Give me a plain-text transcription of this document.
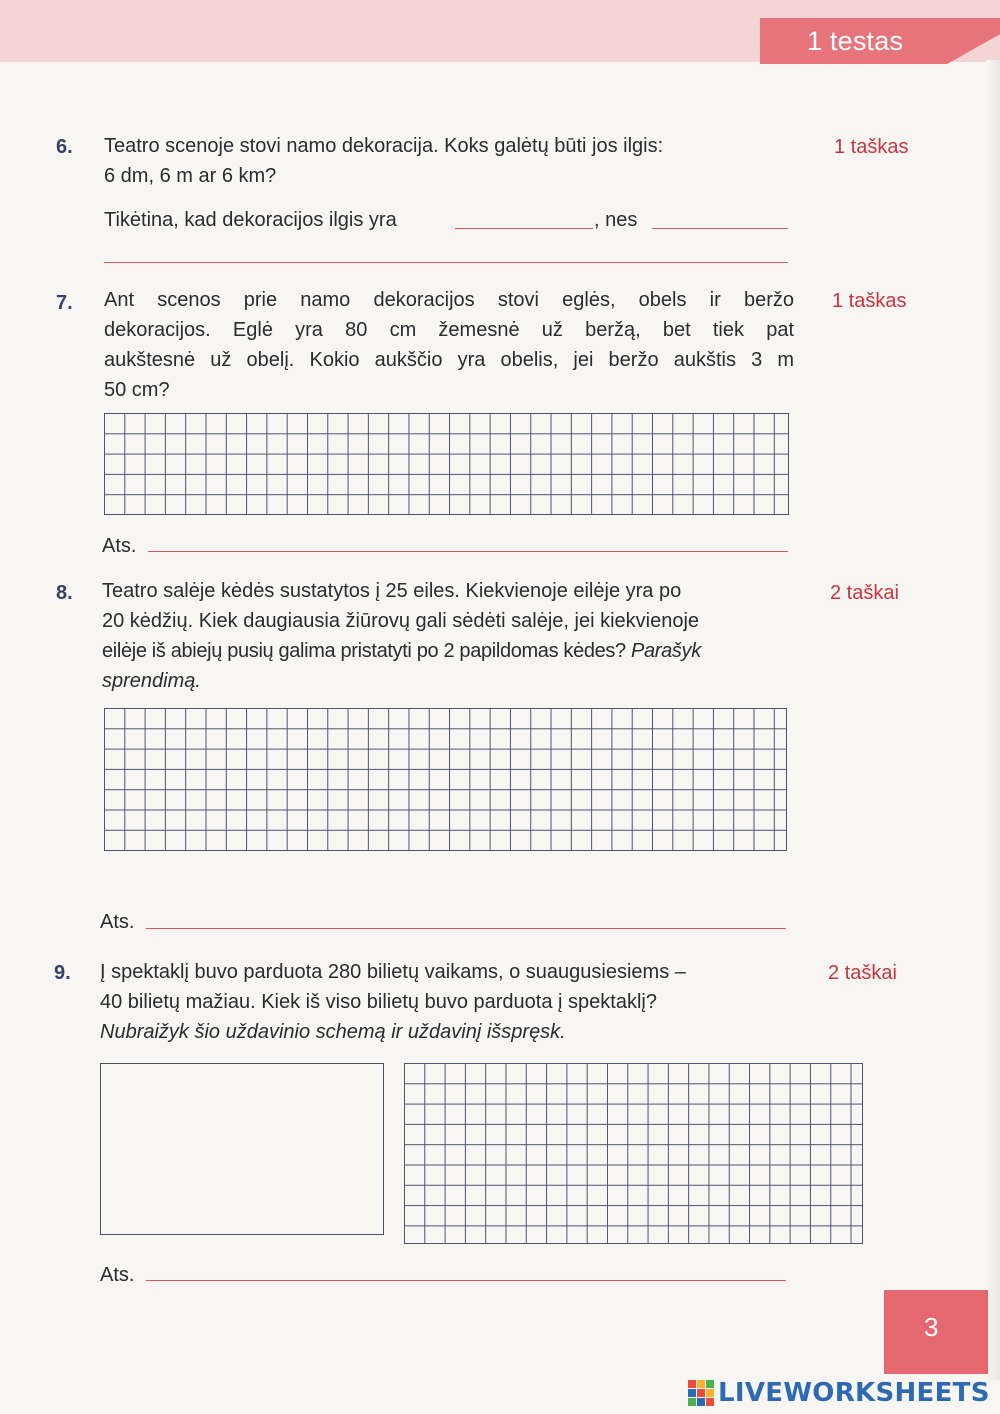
1 testas
6. Teatro scenoje stovi namo dekoracija. Koks galėtų būti jos ilgis:
6 dm, 6 m ar 6 km?
1 taškas
Tikėtina, kad dekoracijos ilgis yra	, nes
7. Ant scenos prie namo dekoracijos stovi eglės, obels ir beržo
dekoracijos. Eglė yra 80 cm žemesnė už beržą, bet tiek pat
aukštesnė už obelį. Kokio aukščio yra obelis, jei beržo aukštis 3 m
50 cm?
1 taškas
Ats.
8. Teatro salėje kėdės sustatytos į 25 eiles. Kiekvienoje eilėje yra po
20 kėdžių. Kiek daugiausia žiūrovų gali sėdėti salėje, jei kiekvienoje
eilėje iš abiejų pusių galima pristatyti po 2 papildomas kėdes? Parašyk
sprendimą.
2 taškai
Ats.
9. Į spektaklį buvo parduota 280 bilietų vaikams, o suaugusiesiems –
40 bilietų mažiau. Kiek iš viso bilietų buvo parduota į spektaklį?
Nubraižyk šio uždavinio schemą ir uždavinį išspręsk.
2 taškai
Ats.
3
LIVEWORKSHEETS
